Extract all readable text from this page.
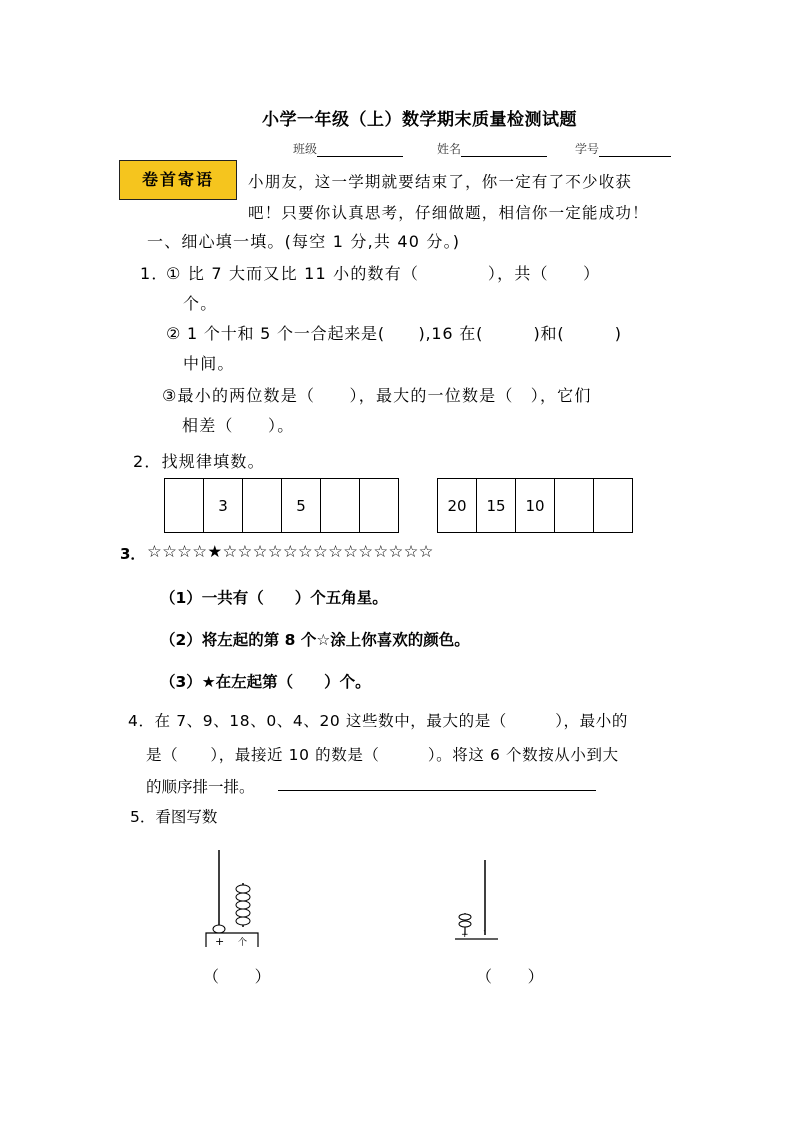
小学一年级（上）数学期末质量检测试题
班级	姓名	学号
卷首寄语	小朋友，这一学期就要结束了，你一定有了不少收获
吧！只要你认真思考，仔细做题，相信你一定能成功！
一、细心填一填。(每空 1 分,共 40 分。)
1．
① 比 7 大而又比 11 小的数有（　　　　），共（　　）
个。
② 1 个十和 5 个一合起来是(　　),16 在(　　　)和(　　　)
中间。
③最小的两位数是（　　），最大的一位数是（　），它们
相差（　　）。
2．找规律填数。
	3		5			20	15	10		
3． ☆☆☆☆★☆☆☆☆☆☆☆☆☆☆☆☆☆☆
（1）一共有（　　）个五角星。
（2）将左起的第 8 个☆涂上你喜欢的颜色。
（3）★在左起第（　　）个。
4．在 7、9、18、0、4、20 这些数中，最大的是（　　　），最小的
是（　　），最接近 10 的数是（　　　）。将这 6 个数按从小到大
的顺序排一排。
5．看图写数
+ 个
（　　）
+ ˋ
（　　）
